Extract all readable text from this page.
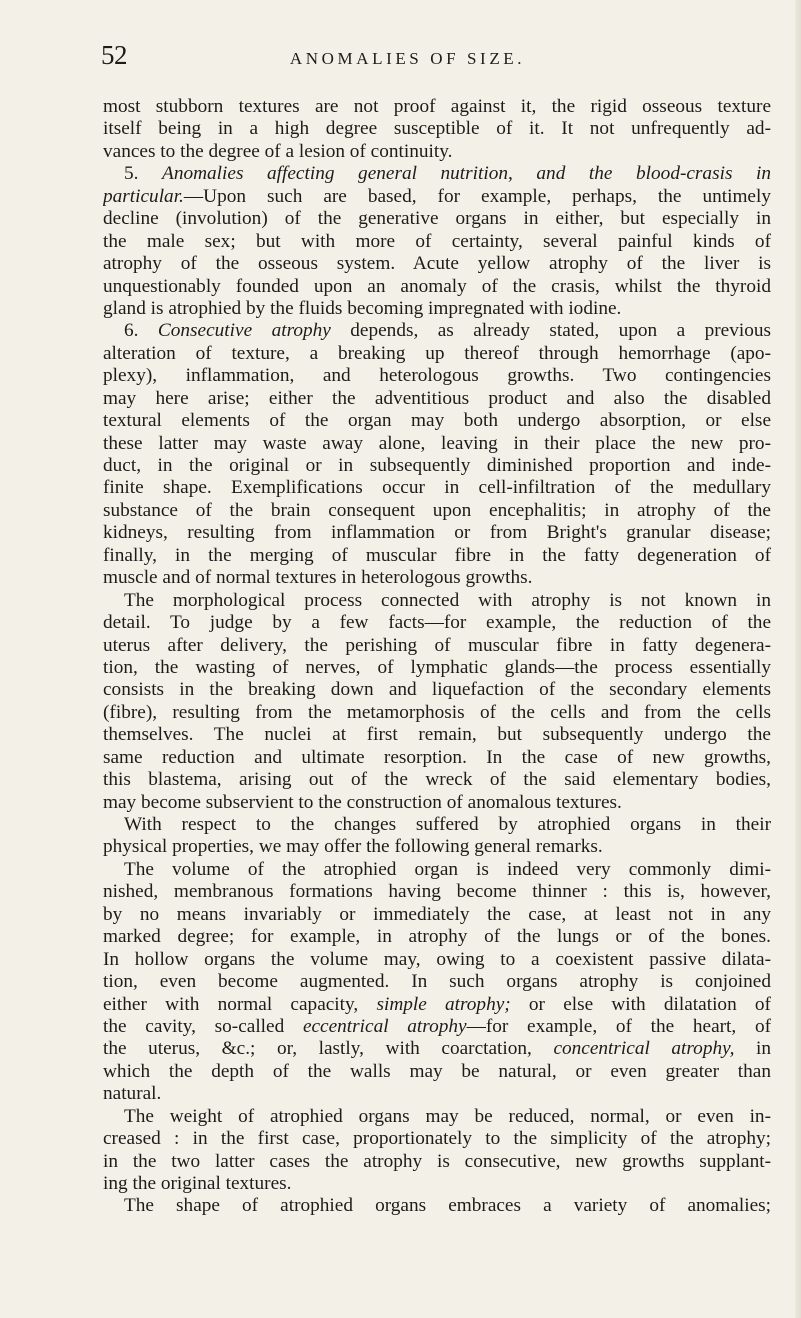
52	ANOMALIES OF SIZE.
most stubborn textures are not proof against it, the rigid osseous texture
itself being in a high degree susceptible of it. It not unfrequently ad-
vances to the degree of a lesion of continuity.
5. Anomalies affecting general nutrition, and the blood-crasis in
particular.—Upon such are based, for example, perhaps, the untimely
decline (involution) of the generative organs in either, but especially in
the male sex; but with more of certainty, several painful kinds of
atrophy of the osseous system. Acute yellow atrophy of the liver is
unquestionably founded upon an anomaly of the crasis, whilst the thyroid
gland is atrophied by the fluids becoming impregnated with iodine.
6. Consecutive atrophy depends, as already stated, upon a previous
alteration of texture, a breaking up thereof through hemorrhage (apo-
plexy), inflammation, and heterologous growths. Two contingencies
may here arise; either the adventitious product and also the disabled
textural elements of the organ may both undergo absorption, or else
these latter may waste away alone, leaving in their place the new pro-
duct, in the original or in subsequently diminished proportion and inde-
finite shape. Exemplifications occur in cell-infiltration of the medullary
substance of the brain consequent upon encephalitis; in atrophy of the
kidneys, resulting from inflammation or from Bright's granular disease;
finally, in the merging of muscular fibre in the fatty degeneration of
muscle and of normal textures in heterologous growths.
The morphological process connected with atrophy is not known in
detail. To judge by a few facts—for example, the reduction of the
uterus after delivery, the perishing of muscular fibre in fatty degenera-
tion, the wasting of nerves, of lymphatic glands—the process essentially
consists in the breaking down and liquefaction of the secondary elements
(fibre), resulting from the metamorphosis of the cells and from the cells
themselves. The nuclei at first remain, but subsequently undergo the
same reduction and ultimate resorption. In the case of new growths,
this blastema, arising out of the wreck of the said elementary bodies,
may become subservient to the construction of anomalous textures.
With respect to the changes suffered by atrophied organs in their
physical properties, we may offer the following general remarks.
The volume of the atrophied organ is indeed very commonly dimi-
nished, membranous formations having become thinner : this is, however,
by no means invariably or immediately the case, at least not in any
marked degree; for example, in atrophy of the lungs or of the bones.
In hollow organs the volume may, owing to a coexistent passive dilata-
tion, even become augmented. In such organs atrophy is conjoined
either with normal capacity, simple atrophy; or else with dilatation of
the cavity, so-called eccentrical atrophy—for example, of the heart, of
the uterus, &c.; or, lastly, with coarctation, concentrical atrophy, in
which the depth of the walls may be natural, or even greater than
natural.
The weight of atrophied organs may be reduced, normal, or even in-
creased : in the first case, proportionately to the simplicity of the atrophy;
in the two latter cases the atrophy is consecutive, new growths supplant-
ing the original textures.
The shape of atrophied organs embraces a variety of anomalies;
